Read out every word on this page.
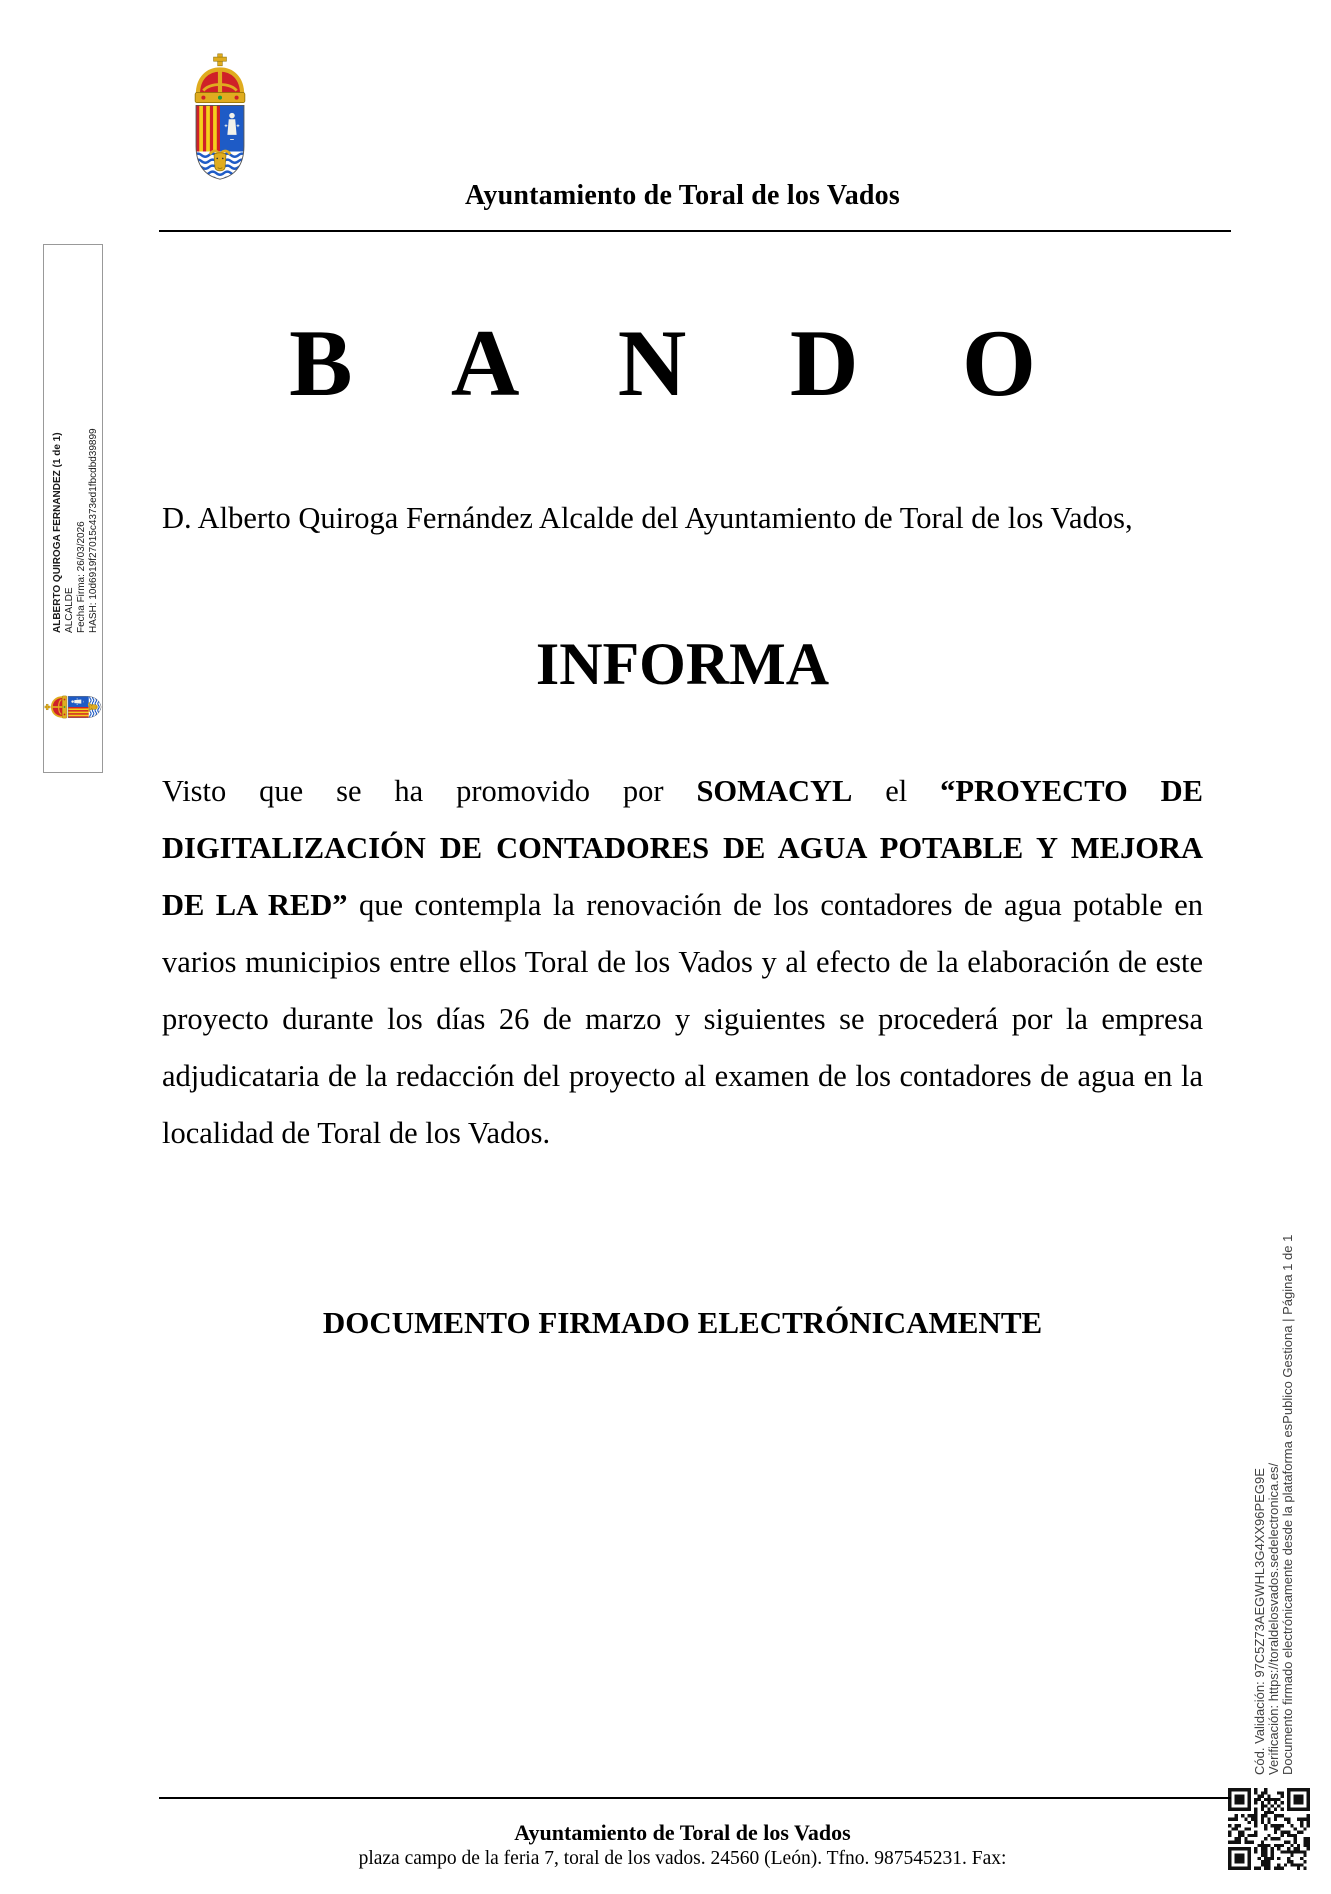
Ayuntamiento de Toral de los Vados
ALBERTO QUIROGA FERNANDEZ (1 de 1) ALCALDE Fecha Firma: 26/03/2026 HASH: 10d6919f27015c4373ed1fbcdbd39899
B A N D O
D. Alberto Quiroga Fernández Alcalde del Ayuntamiento de Toral de los Vados,
INFORMA
Visto que se ha promovido por SOMACYL el “PROYECTO DE DIGITALIZACIÓN DE CONTADORES DE AGUA POTABLE Y MEJORA DE LA RED” que contempla la renovación de los contadores de agua potable en varios municipios entre ellos Toral de los Vados y al efecto de la elaboración de este proyecto durante los días 26 de marzo y siguientes se procederá por la empresa adjudicataria de la redacción del proyecto al examen de los contadores de agua en la localidad de Toral de los Vados.
DOCUMENTO FIRMADO ELECTRÓNICAMENTE
Cód. Validación: 97C5Z73AEGWHL3G4XX96PEG9E Verificación: https://toraldelosvados.sedelectronica.es/ Documento firmado electrónicamente desde la plataforma esPublico Gestiona | Página 1 de 1
Ayuntamiento de Toral de los Vados
plaza campo de la feria 7, toral de los vados. 24560 (León). Tfno. 987545231. Fax:
